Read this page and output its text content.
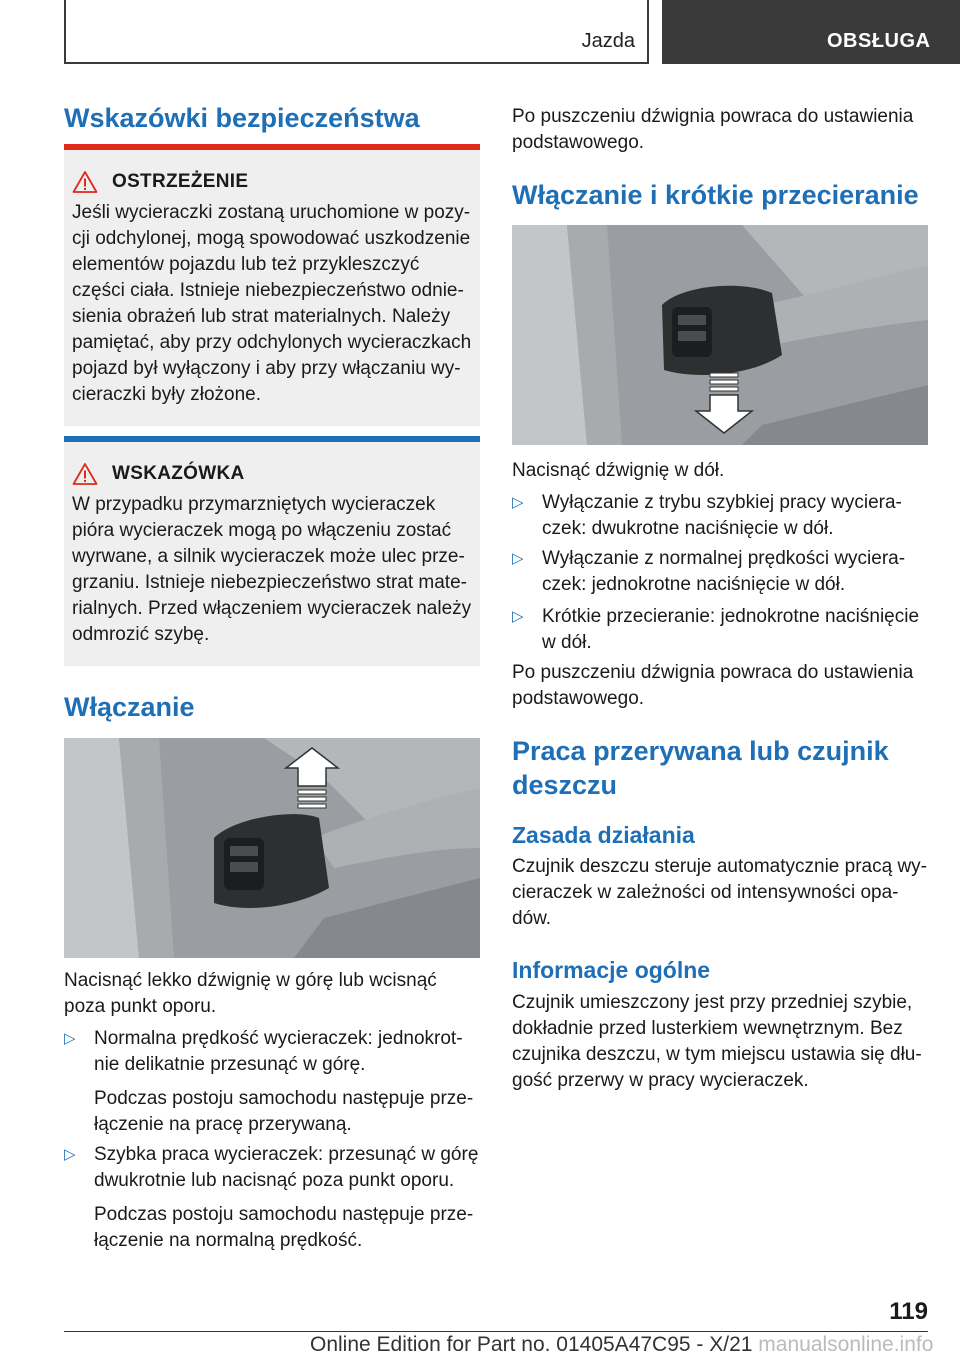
Jazda	OBSŁUGA
Wskazówki bezpieczeństwa
OSTRZEŻENIE
Jeśli wycieraczki zostaną uruchomione w pozy-
cji odchylonej, mogą spowodować uszkodzenie
elementów pojazdu lub też przykleszczyć
części ciała. Istnieje niebezpieczeństwo odnie-
sienia obrażeń lub strat materialnych. Należy
pamiętać, aby przy odchylonych wycieraczkach
pojazd był wyłączony i aby przy włączaniu wy-
cieraczki były złożone.
WSKAZÓWKA
W przypadku przymarzniętych wycieraczek
pióra wycieraczek mogą po włączeniu zostać
wyrwane, a silnik wycieraczek może ulec prze-
grzaniu. Istnieje niebezpieczeństwo strat mate-
rialnych. Przed włączeniem wycieraczek należy
odmrozić szybę.
Włączanie
Nacisnąć lekko dźwignię w górę lub wcisnąć
poza punkt oporu.
▷ Normalna prędkość wycieraczek: jednokrot-
nie delikatnie przesunąć w górę.
Podczas postoju samochodu następuje prze-
łączenie na pracę przerywaną.
▷ Szybka praca wycieraczek: przesunąć w górę
dwukrotnie lub nacisnąć poza punkt oporu.
Podczas postoju samochodu następuje prze-
łączenie na normalną prędkość.
Po puszczeniu dźwignia powraca do ustawienia
podstawowego.
Włączanie i krótkie przecieranie
Nacisnąć dźwignię w dół.
▷ Wyłączanie z trybu szybkiej pracy wyciera-
czek: dwukrotne naciśnięcie w dół.
▷ Wyłączanie z normalnej prędkości wyciera-
czek: jednokrotne naciśnięcie w dół.
▷ Krótkie przecieranie: jednokrotne naciśnięcie
w dół.
Po puszczeniu dźwignia powraca do ustawienia
podstawowego.
Praca przerywana lub czujnik
deszczu
Zasada działania
Czujnik deszczu steruje automatycznie pracą wy-
cieraczek w zależności od intensywności opa-
dów.
Informacje ogólne
Czujnik umieszczony jest przy przedniej szybie,
dokładnie przed lusterkiem wewnętrznym. Bez
czujnika deszczu, w tym miejscu ustawia się dłu-
gość przerwy w pracy wycieraczek.
119
Online Edition for Part no. 01405A47C95 - X/21 manualsonline.info
